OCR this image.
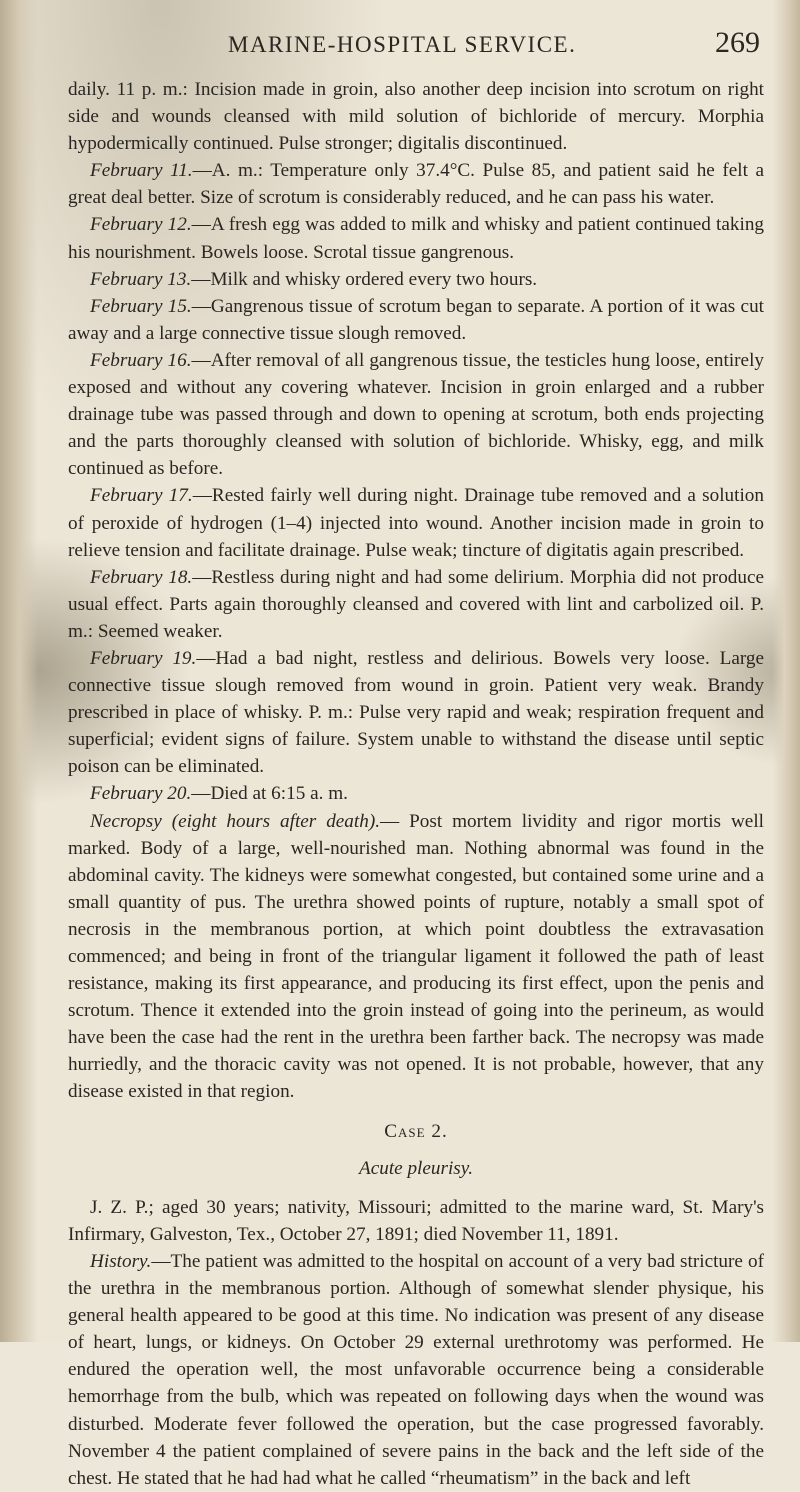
MARINE-HOSPITAL SERVICE.	269

daily. 11 p. m.: Incision made in groin, also another deep incision into scrotum on right side and wounds cleansed with mild solution of bichloride of mercury. Morphia hypodermically continued. Pulse stronger; digitalis discontinued.

February 11.—A. m.: Temperature only 37.4°C. Pulse 85, and patient said he felt a great deal better. Size of scrotum is considerably reduced, and he can pass his water.

February 12.—A fresh egg was added to milk and whisky and patient continued taking his nourishment. Bowels loose. Scrotal tissue gangrenous.

February 13.—Milk and whisky ordered every two hours.

February 15.—Gangrenous tissue of scrotum began to separate. A portion of it was cut away and a large connective tissue slough removed.

February 16.—After removal of all gangrenous tissue, the testicles hung loose, entirely exposed and without any covering whatever. Incision in groin enlarged and a rubber drainage tube was passed through and down to opening at scrotum, both ends projecting and the parts thoroughly cleansed with solution of bichloride. Whisky, egg, and milk continued as before.

February 17.—Rested fairly well during night. Drainage tube removed and a solution of peroxide of hydrogen (1–4) injected into wound. Another incision made in groin to relieve tension and facilitate drainage. Pulse weak; tincture of digitatis again prescribed.

February 18.—Restless during night and had some delirium. Morphia did not produce usual effect. Parts again thoroughly cleansed and covered with lint and carbolized oil. P. m.: Seemed weaker.

February 19.—Had a bad night, restless and delirious. Bowels very loose. Large connective tissue slough removed from wound in groin. Patient very weak. Brandy prescribed in place of whisky. P. m.: Pulse very rapid and weak; respiration frequent and superficial; evident signs of failure. System unable to withstand the disease until septic poison can be eliminated.

February 20.—Died at 6:15 a. m.

Necropsy (eight hours after death).— Post mortem lividity and rigor mortis well marked. Body of a large, well-nourished man. Nothing abnormal was found in the abdominal cavity. The kidneys were somewhat congested, but contained some urine and a small quantity of pus. The urethra showed points of rupture, notably a small spot of necrosis in the membranous portion, at which point doubtless the extravasation commenced; and being in front of the triangular ligament it followed the path of least resistance, making its first appearance, and producing its first effect, upon the penis and scrotum. Thence it extended into the groin instead of going into the perineum, as would have been the case had the rent in the urethra been farther back. The necropsy was made hurriedly, and the thoracic cavity was not opened. It is not probable, however, that any disease existed in that region.

Case 2.

Acute pleurisy.

J. Z. P.; aged 30 years; nativity, Missouri; admitted to the marine ward, St. Mary's Infirmary, Galveston, Tex., October 27, 1891; died November 11, 1891.

History.—The patient was admitted to the hospital on account of a very bad stricture of the urethra in the membranous portion. Although of somewhat slender physique, his general health appeared to be good at this time. No indication was present of any disease of heart, lungs, or kidneys. On October 29 external urethrotomy was performed. He endured the operation well, the most unfavorable occurrence being a considerable hemorrhage from the bulb, which was repeated on following days when the wound was disturbed. Moderate fever followed the operation, but the case progressed favorably. November 4 the patient complained of severe pains in the back and the left side of the chest. He stated that he had had what he called “rheumatism” in the back and left
